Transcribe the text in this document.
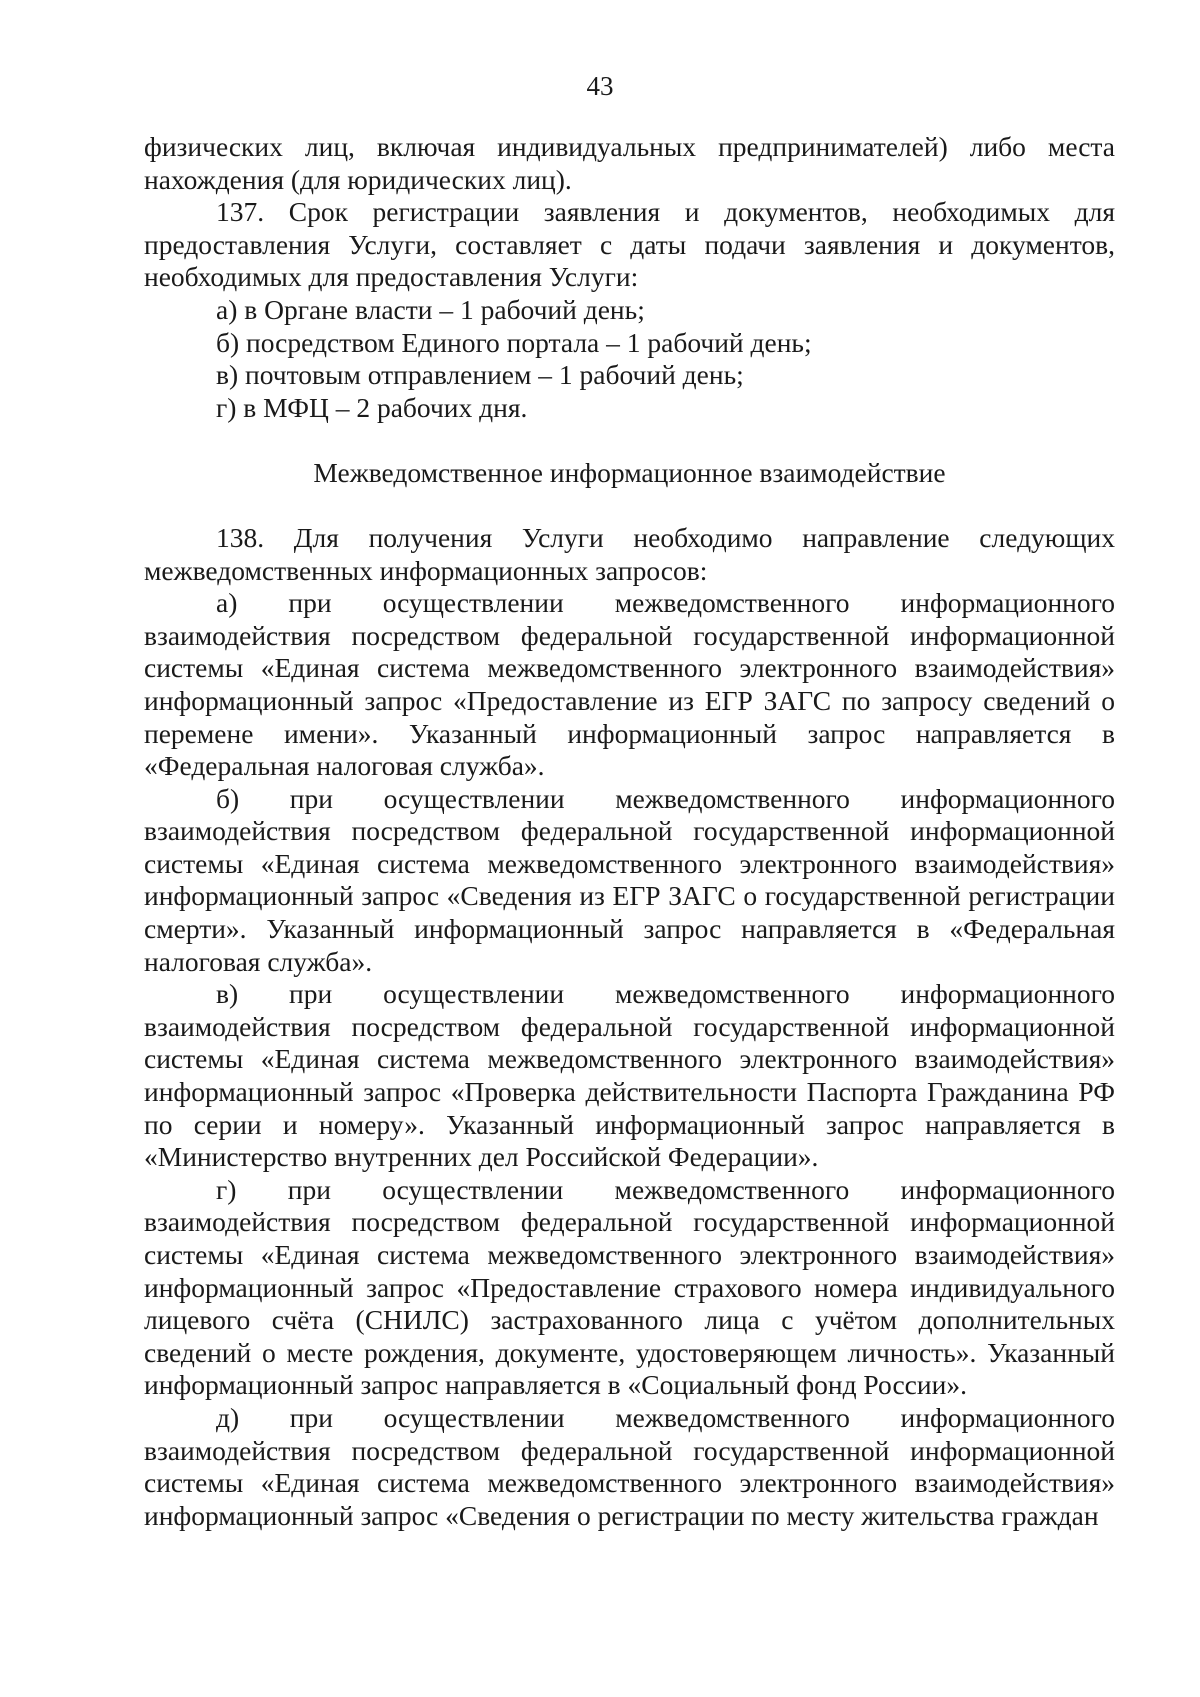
43

физических лиц, включая индивидуальных предпринимателей) либо места нахождения (для юридических лиц).

137. Срок регистрации заявления и документов, необходимых для предоставления Услуги, составляет с даты подачи заявления и документов, необходимых для предоставления Услуги:

а) в Органе власти – 1 рабочий день;

б) посредством Единого портала – 1 рабочий день;

в) почтовым отправлением – 1 рабочий день;

г) в МФЦ – 2 рабочих дня.

Межведомственное информационное взаимодействие

138. Для получения Услуги необходимо направление следующих межведомственных информационных запросов:

а) при осуществлении межведомственного информационного взаимодействия посредством федеральной государственной информационной системы «Единая система межведомственного электронного взаимодействия» информационный запрос «Предоставление из ЕГР ЗАГС по запросу сведений о перемене имени». Указанный информационный запрос направляется в «Федеральная налоговая служба».

б) при осуществлении межведомственного информационного взаимодействия посредством федеральной государственной информационной системы «Единая система межведомственного электронного взаимодействия» информационный запрос «Сведения из ЕГР ЗАГС о государственной регистрации смерти». Указанный информационный запрос направляется в «Федеральная налоговая служба».

в) при осуществлении межведомственного информационного взаимодействия посредством федеральной государственной информационной системы «Единая система межведомственного электронного взаимодействия» информационный запрос «Проверка действительности Паспорта Гражданина РФ по серии и номеру». Указанный информационный запрос направляется в «Министерство внутренних дел Российской Федерации».

г) при осуществлении межведомственного информационного взаимодействия посредством федеральной государственной информационной системы «Единая система межведомственного электронного взаимодействия» информационный запрос «Предоставление страхового номера индивидуального лицевого счёта (СНИЛС) застрахованного лица с учётом дополнительных сведений о месте рождения, документе, удостоверяющем личность». Указанный информационный запрос направляется в «Социальный фонд России».

д) при осуществлении межведомственного информационного взаимодействия посредством федеральной государственной информационной системы «Единая система межведомственного электронного взаимодействия» информационный запрос «Сведения о регистрации по месту жительства граждан
